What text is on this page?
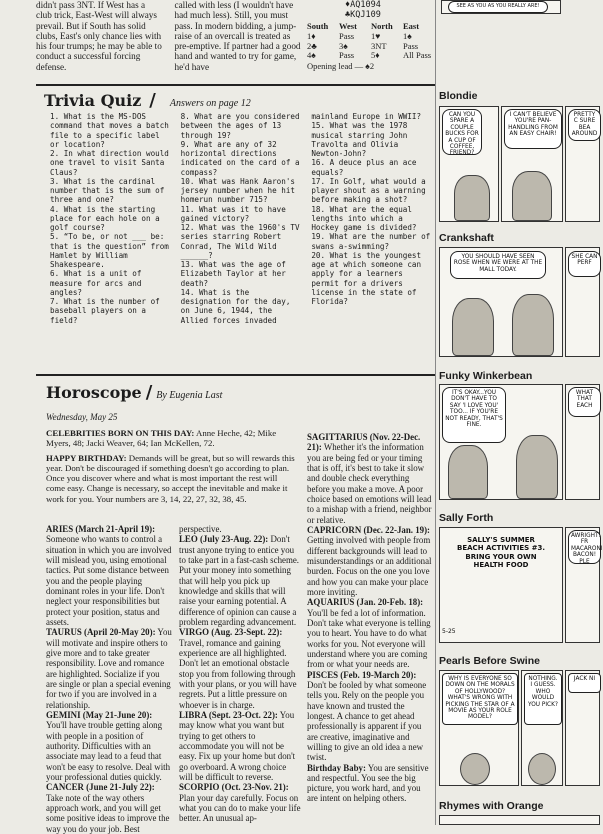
didn't pass 3NT. If West has a club trick, East-West will always prevail. But if South has solid clubs, East's only chance lies with his four trumps; he may be able to conduct a successful forcing defense.

called with less (I wouldn't have had much less). Still, you must pass. In modern bidding, a jump-raise of an overcall is treated as pre-emptive. If partner had a good hand and wanted to try for game, he'd have

♦AQ1094
♣KQJ109
South	West	North	East
1♦	Pass	1♥	1♠
2♣	3♠	3NT	Pass
4♠	Pass	5♦	All Pass
Opening lead — ♠2
Trivia Quiz / Answers on page 12
1. What is the MS-DOS command that moves a batch file to a specific label or location?
2. In what direction would one travel to visit Santa Claus?
3. What is the cardinal number that is the sum of three and one?
4. What is the starting place for each hole on a golf course?
5. “To be, or not ___ be: that is the question” from Hamlet by William Shakespeare.
6. What is a unit of measure for arcs and angles?
7. What is the number of baseball players on a field?
8. What are you considered between the ages of 13 through 19?
9. What are any of 32 horizontal directions indicated on the card of a compass?
10. What was Hank Aaron's jersey number when he hit homerun number 715?
11. What was it to have gained victory?
12. What was the 1960's TV series starring Robert Conrad, The Wild Wild ______?
13. What was the age of Elizabeth Taylor at her death?
14. What is the designation for the day, on June 6, 1944, the Allied forces invaded
mainland Europe in WWII?
15. What was the 1978 musical starring John Travolta and Olivia Newton-John?
16. A deuce plus an ace equals?
17. In Golf, what would a player shout as a warning before making a shot?
18. What are the equal lengths into which a Hockey game is divided?
19. What are the number of swans a-swimming?
20. What is the youngest age at which someone can apply for a learners permit for a drivers license in the state of Florida?
Horoscope / By Eugenia Last
Wednesday, May 25

CELEBRITIES BORN ON THIS DAY: Anne Heche, 42; Mike Myers, 48; Jacki Weaver, 64; Ian McKellen, 72.

HAPPY BIRTHDAY: Demands will be great, but so will rewards this year. Don't be discouraged if something doesn't go according to plan. Once you discover where and what is most important the rest will come easy. Change is necessary, so accept the inevitable and make it work for you. Your numbers are 3, 14, 22, 27, 32, 38, 45.

ARIES (March 21-April 19): Someone who wants to control a situation in which you are involved will mislead you, using emotional tactics. Put some distance between you and the people playing dominant roles in your life. Don't neglect your responsibilities but protect your position, status and assets.

TAURUS (April 20-May 20): You will motivate and inspire others to give more and to take greater responsibility. Love and romance are highlighted. Socialize if you are single or plan a special evening for two if you are involved in a relationship.

GEMINI (May 21-June 20): You'll have trouble getting along with people in a position of authority. Difficulties with an associate may lead to a feud that won't be easy to resolve. Deal with your professional duties quickly.

CANCER (June 21-July 22): Take note of the way others approach work, and you will get some positive ideas to improve the way you do your job. Best

perspective.

LEO (July 23-Aug. 22): Don't trust anyone trying to entice you to take part in a fast-cash scheme. Put your money into something that will help you pick up knowledge and skills that will raise your earning potential. A difference of opinion can cause a problem regarding advancement.

VIRGO (Aug. 23-Sept. 22): Travel, romance and gaining experience are all highlighted. Don't let an emotional obstacle stop you from following through with your plans, or you will have regrets. Put a little pressure on whoever is in charge.

LIBRA (Sept. 23-Oct. 22): You may know what you want but trying to get others to accommodate you will not be easy. Fix up your home but don't go overboard. A wrong choice will be difficult to reverse.

SCORPIO (Oct. 23-Nov. 21): Plan your day carefully. Focus on what you can do to make your life better. An unusual ap-

SAGITTARIUS (Nov. 22-Dec. 21): Whether it's the information you are being fed or your timing that is off, it's best to take it slow and double check everything before you make a move. A poor choice based on emotions will lead to a mishap with a friend, neighbor or relative.

CAPRICORN (Dec. 22-Jan. 19): Getting involved with people from different backgrounds will lead to misunderstandings or an additional burden. Focus on the one you love and how you can make your place more inviting.

AQUARIUS (Jan. 20-Feb. 18): You'll be fed a lot of information. Don't take what everyone is telling you to heart. You have to do what works for you. Not everyone will understand where you are coming from or what your needs are.

PISCES (Feb. 19-March 20): Don't be fooled by what someone tells you. Rely on the people you have known and trusted the longest. A chance to get ahead professionally is apparent if you are creative, imaginative and willing to give an old idea a new twist.

Birthday Baby: You are sensitive and respectful. You see the big picture, you work hard, and you are intent on helping others.

SEE AS YOU AS YOU REALLY ARE!
Blondie
CAN YOU SPARE A COUPLE BUCKS FOR A CUP OF COFFEE, FRIEND?
I CAN'T BELIEVE YOU'RE PAN-HANDLING FROM AN EASY CHAIR!
PRETTY C SURE BEA AROUND
Crankshaft
YOU SHOULD HAVE SEEN ROSE WHEN WE WERE AT THE MALL TODAY.
SHE CAN PERF
Funky Winkerbean
IT'S OKAY...YOU DON'T HAVE TO SAY 'I LOVE YOU' TOO... IF YOU'RE NOT READY, THAT'S FINE.
WHAT THAT EACH
Sally Forth
SALLY'S SUMMER BEACH ACTIVITIES #3. BRING YOUR OWN HEALTH FOOD
5-25
AWRIGHT! FR MACARONI BACON! PLE
Pearls Before Swine
WHY IS EVERYONE SO DOWN ON THE MORALS OF HOLLYWOOD? WHAT'S WRONG WITH PICKING THE STAR OF A MOVIE AS YOUR ROLE MODEL?
NOTHING. I GUESS. WHO WOULD YOU PICK?
JACK NI
Rhymes with Orange
